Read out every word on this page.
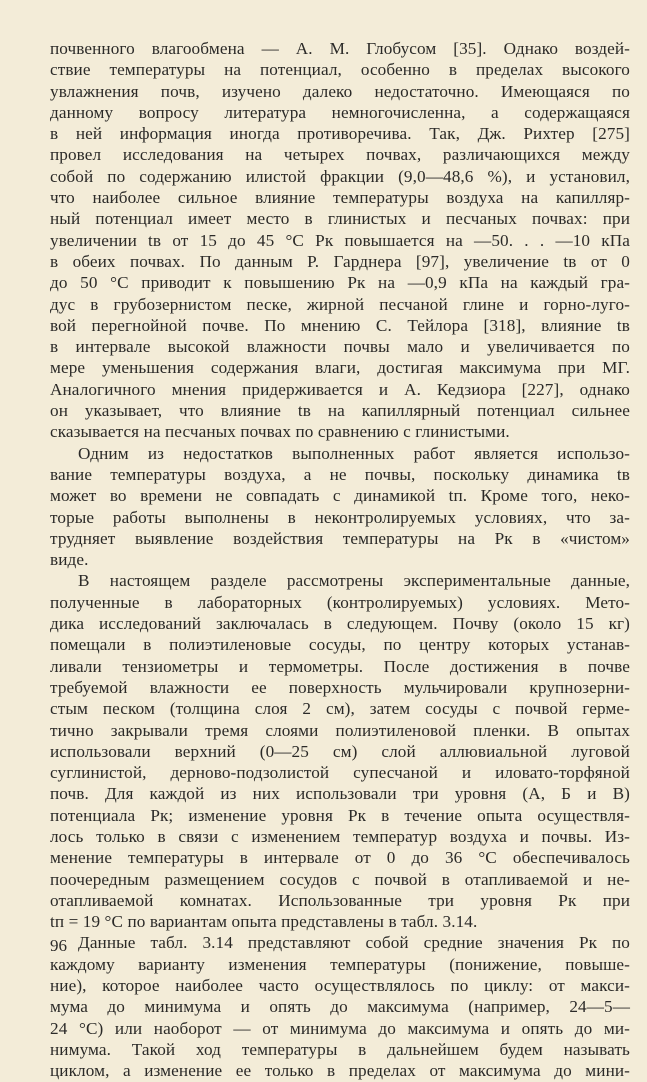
почвенного влагообмена — А. М. Глобусом [35]. Однако воздей-

ствие температуры на потенциал, особенно в пределах высокого

увлажнения почв, изучено далеко недостаточно. Имеющаяся по

данному вопросу литература немногочисленна, а содержащаяся

в ней информация иногда противоречива. Так, Дж. Рихтер [275]

провел исследования на четырех почвах, различающихся между

собой по содержанию илистой фракции (9,0—48,6 %), и установил,

что наиболее сильное влияние температуры воздуха на капилляр-

ный потенциал имеет место в глинистых и песчаных почвах: при

увеличении tв от 15 до 45 °C Pк повышается на —50. . . —10 кПа

в обеих почвах. По данным Р. Гарднера [97], увеличение tв от 0

до 50 °C приводит к повышению Pк на —0,9 кПа на каждый гра-

дус в грубозернистом песке, жирной песчаной глине и горно-луго-

вой перегнойной почве. По мнению С. Тейлора [318], влияние tв

в интервале высокой влажности почвы мало и увеличивается по

мере уменьшения содержания влаги, достигая максимума при МГ.

Аналогичного мнения придерживается и А. Кедзиора [227], однако

он указывает, что влияние tв на капиллярный потенциал сильнее

сказывается на песчаных почвах по сравнению с глинистыми.

Одним из недостатков выполненных работ является использо-

вание температуры воздуха, а не почвы, поскольку динамика tв

может во времени не совпадать с динамикой tп. Кроме того, неко-

торые работы выполнены в неконтролируемых условиях, что за-

трудняет выявление воздействия температуры на Pк в «чистом»

виде.

В настоящем разделе рассмотрены экспериментальные данные,

полученные в лабораторных (контролируемых) условиях. Мето-

дика исследований заключалась в следующем. Почву (около 15 кг)

помещали в полиэтиленовые сосуды, по центру которых устанав-

ливали тензиометры и термометры. После достижения в почве

требуемой влажности ее поверхность мульчировали крупнозерни-

стым песком (толщина слоя 2 см), затем сосуды с почвой герме-

тично закрывали тремя слоями полиэтиленовой пленки. В опытах

использовали верхний (0—25 см) слой аллювиальной луговой

суглинистой, дерново-подзолистой супесчаной и иловато-торфяной

почв. Для каждой из них использовали три уровня (А, Б и В)

потенциала Pк; изменение уровня Pк в течение опыта осуществля-

лось только в связи с изменением температур воздуха и почвы. Из-

менение температуры в интервале от 0 до 36 °C обеспечивалось

поочередным размещением сосудов с почвой в отапливаемой и не-

отапливаемой комнатах. Использованные три уровня Pк при

tп = 19 °C по вариантам опыта представлены в табл. 3.14.

Данные табл. 3.14 представляют собой средние значения Pк по

каждому варианту изменения температуры (понижение, повыше-

ние), которое наиболее часто осуществлялось по циклу: от макси-

мума до минимума и опять до максимума (например, 24—5—

24 °C) или наоборот — от минимума до максимума и опять до ми-

нимума. Такой ход температуры в дальнейшем будем называть

циклом, а изменение ее только в пределах от максимума до мини-

96
